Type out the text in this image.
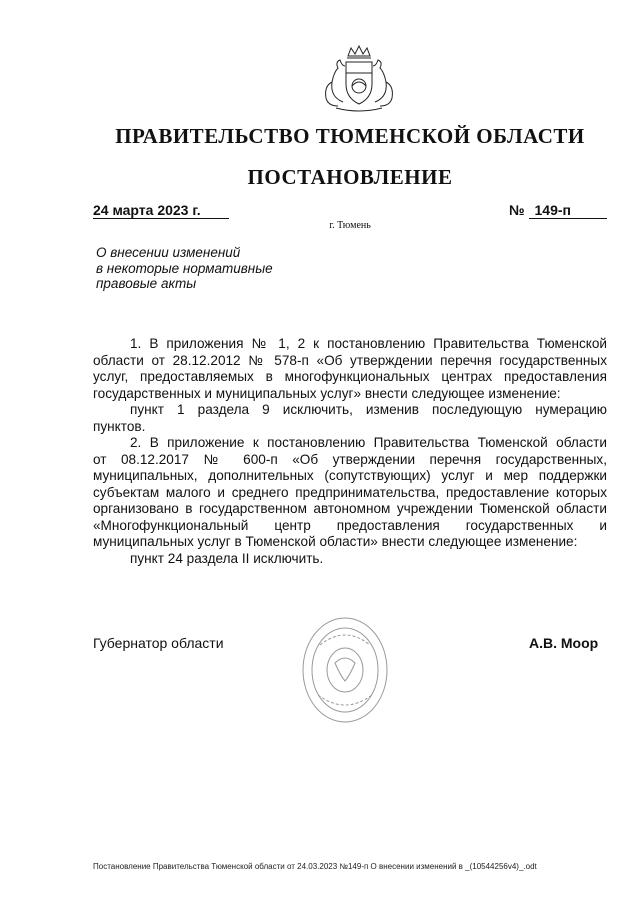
ПРАВИТЕЛЬСТВО ТЮМЕНСКОЙ ОБЛАСТИ
ПОСТАНОВЛЕНИЕ
24 марта 2023 г.	№ 149-п
г. Тюмень
О внесении изменений
в некоторые нормативные
правовые акты
1. В приложения № 1, 2 к постановлению Правительства Тюменской
области от 28.12.2012 № 578-п «Об утверждении перечня государственных
услуг, предоставляемых в многофункциональных центрах предоставления
государственных и муниципальных услуг» внести следующее изменение:
пункт 1 раздела 9 исключить, изменив последующую нумерацию
пунктов.
2. В приложение к постановлению Правительства Тюменской области
от 08.12.2017 № 600-п «Об утверждении перечня государственных,
муниципальных, дополнительных (сопутствующих) услуг и мер поддержки
субъектам малого и среднего предпринимательства, предоставление которых
организовано в государственном автономном учреждении Тюменской области
«Многофункциональный центр предоставления государственных и
муниципальных услуг в Тюменской области» внести следующее изменение:
пункт 24 раздела II исключить.
Губернатор области	А.В. Моор
Постановление Правительства Тюменской области от 24.03.2023 №149-п О внесении изменений в _(10544256v4)_.odt
